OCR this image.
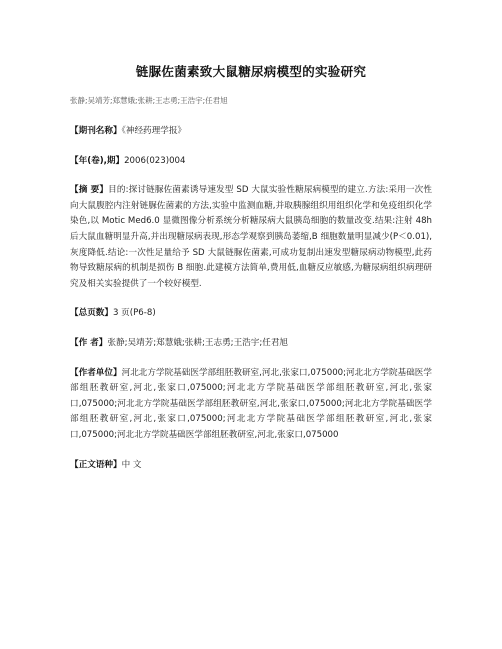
链脲佐菌素致大鼠糖尿病模型的实验研究
张静;吴靖芳;郑慧娥;张耕;王志勇;王浩宇;任君旭
【期刊名称】《神经药理学报》
【年(卷),期】2006(023)004
【摘 要】目的:探讨链脲佐菌素诱导速发型 SD 大鼠实验性糖尿病模型的建立.方法:采用一次性向大鼠腹腔内注射链脲佐菌素的方法,实验中监测血糖,并取胰腺组织用组织化学和免疫组织化学染色,以 Motic Med6.0 显微图像分析系统分析糖尿病大鼠胰岛细胞的数量改变.结果:注射 48h 后大鼠血糖明显升高,并出现糖尿病表现,形态学观察到胰岛萎缩,B 细胞数量明显减少(P＜0.01),灰度降低.结论:一次性足量给予 SD 大鼠链脲佐菌素,可成功复制出速发型糖尿病动物模型,此药物导致糖尿病的机制是损伤 B 细胞.此建模方法简单,费用低,血糖反应敏感,为糖尿病组织病理研究及相关实验提供了一个较好模型.
【总页数】3 页(P6-8)
【作 者】张静;吴靖芳;郑慧娥;张耕;王志勇;王浩宇;任君旭
【作者单位】河北北方学院基础医学部组胚教研室,河北,张家口,075000;河北北方学院基础医学部组胚教研室,河北,张家口,075000;河北北方学院基础医学部组胚教研室,河北,张家口,075000;河北北方学院基础医学部组胚教研室,河北,张家口,075000;河北北方学院基础医学部组胚教研室,河北,张家口,075000;河北北方学院基础医学部组胚教研室,河北,张家口,075000;河北北方学院基础医学部组胚教研室,河北,张家口,075000
【正文语种】中 文
